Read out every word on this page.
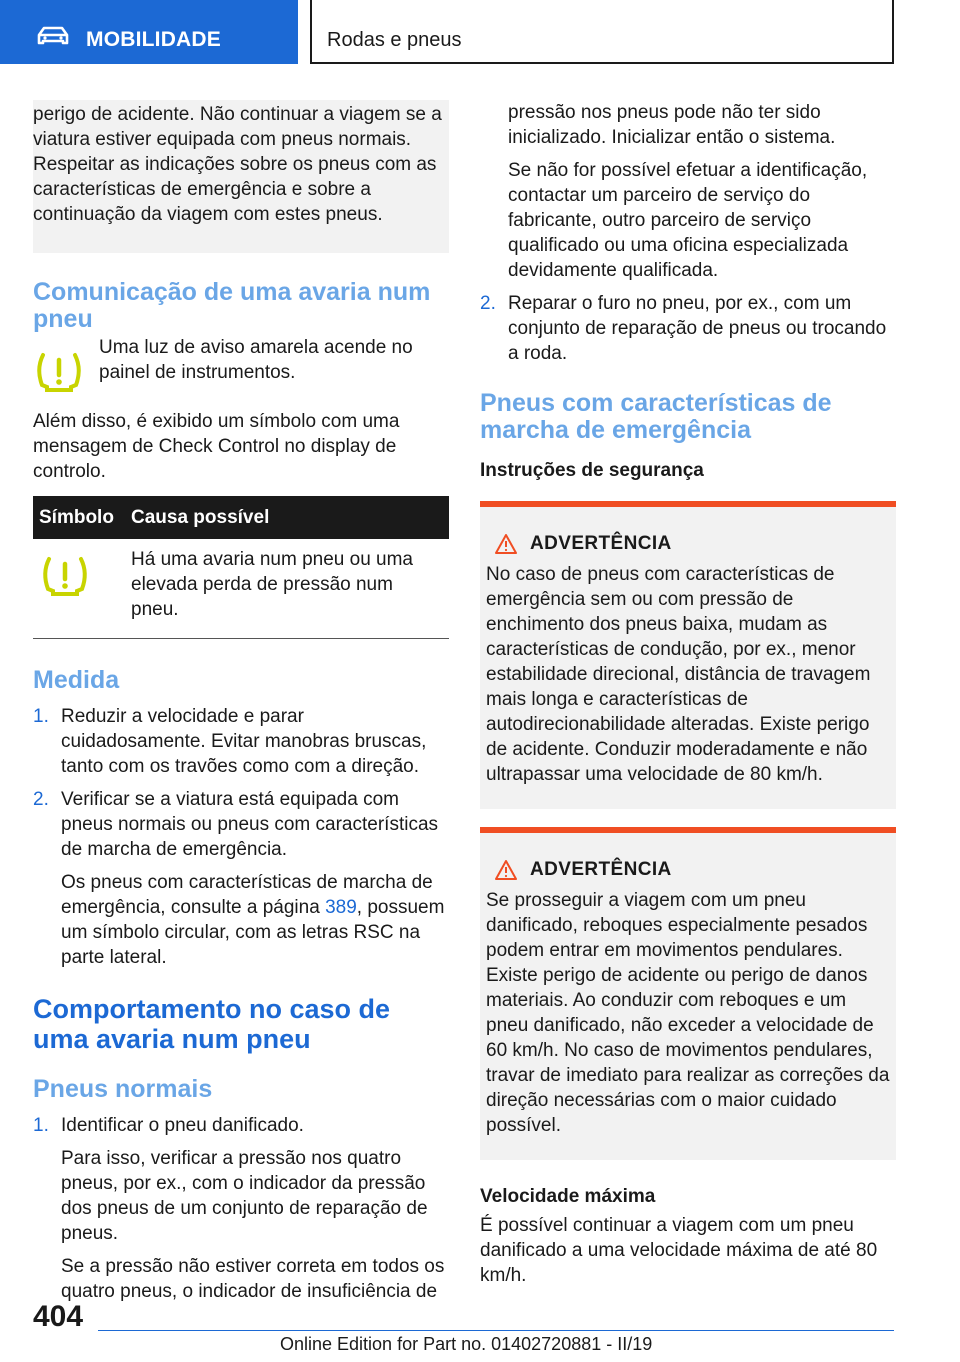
MOBILIDADE	Rodas e pneus

perigo de acidente. Não continuar a viagem se a viatura estiver equipada com pneus normais. Respeitar as indicações sobre os pneus com as características de emergência e sobre a continuação da viagem com estes pneus.

Comunicação de uma avaria num pneu

Uma luz de aviso amarela acende no painel de instrumentos.

Além disso, é exibido um símbolo com uma mensagem de Check Control no display de controlo.

Símbolo	Causa possível
	Há uma avaria num pneu ou uma elevada perda de pressão num pneu.
Medida
1. Reduzir a velocidade e parar cuidadosamente. Evitar manobras bruscas, tanto com os travões como com a direção.
2. Verificar se a viatura está equipada com pneus normais ou pneus com características de marcha de emergência.
Os pneus com características de marcha de emergência, consulte a página 389, possuem um símbolo circular, com as letras RSC na parte lateral.
Comportamento no caso de uma avaria num pneu
Pneus normais
1. Identificar o pneu danificado.
Para isso, verificar a pressão nos quatro pneus, por ex., com o indicador da pressão dos pneus de um conjunto de reparação de pneus.
Se a pressão não estiver correta em todos os quatro pneus, o indicador de insuficiência de
pressão nos pneus pode não ter sido inicializado. Inicializar então o sistema.
Se não for possível efetuar a identificação, contactar um parceiro de serviço do fabricante, outro parceiro de serviço qualificado ou uma oficina especializada devidamente qualificada.
2. Reparar o furo no pneu, por ex., com um conjunto de reparação de pneus ou trocando a roda.
Pneus com características de marcha de emergência
Instruções de segurança
ADVERTÊNCIA

No caso de pneus com características de emergência sem ou com pressão de enchimento dos pneus baixa, mudam as características de condução, por ex., menor estabilidade direcional, distância de travagem mais longa e características de autodirecionabilidade alteradas. Existe perigo de acidente. Conduzir moderadamente e não ultrapassar uma velocidade de 80 km/h.

ADVERTÊNCIA

Se prosseguir a viagem com um pneu danificado, reboques especialmente pesados podem entrar em movimentos pendulares. Existe perigo de acidente ou perigo de danos materiais. Ao conduzir com reboques e um pneu danificado, não exceder a velocidade de 60 km/h. No caso de movimentos pendulares, travar de imediato para realizar as correções da direção necessárias com o maior cuidado possível.

Velocidade máxima

É possível continuar a viagem com um pneu danificado a uma velocidade máxima de até 80 km/h.

404
Online Edition for Part no. 01402720881 - II/19
